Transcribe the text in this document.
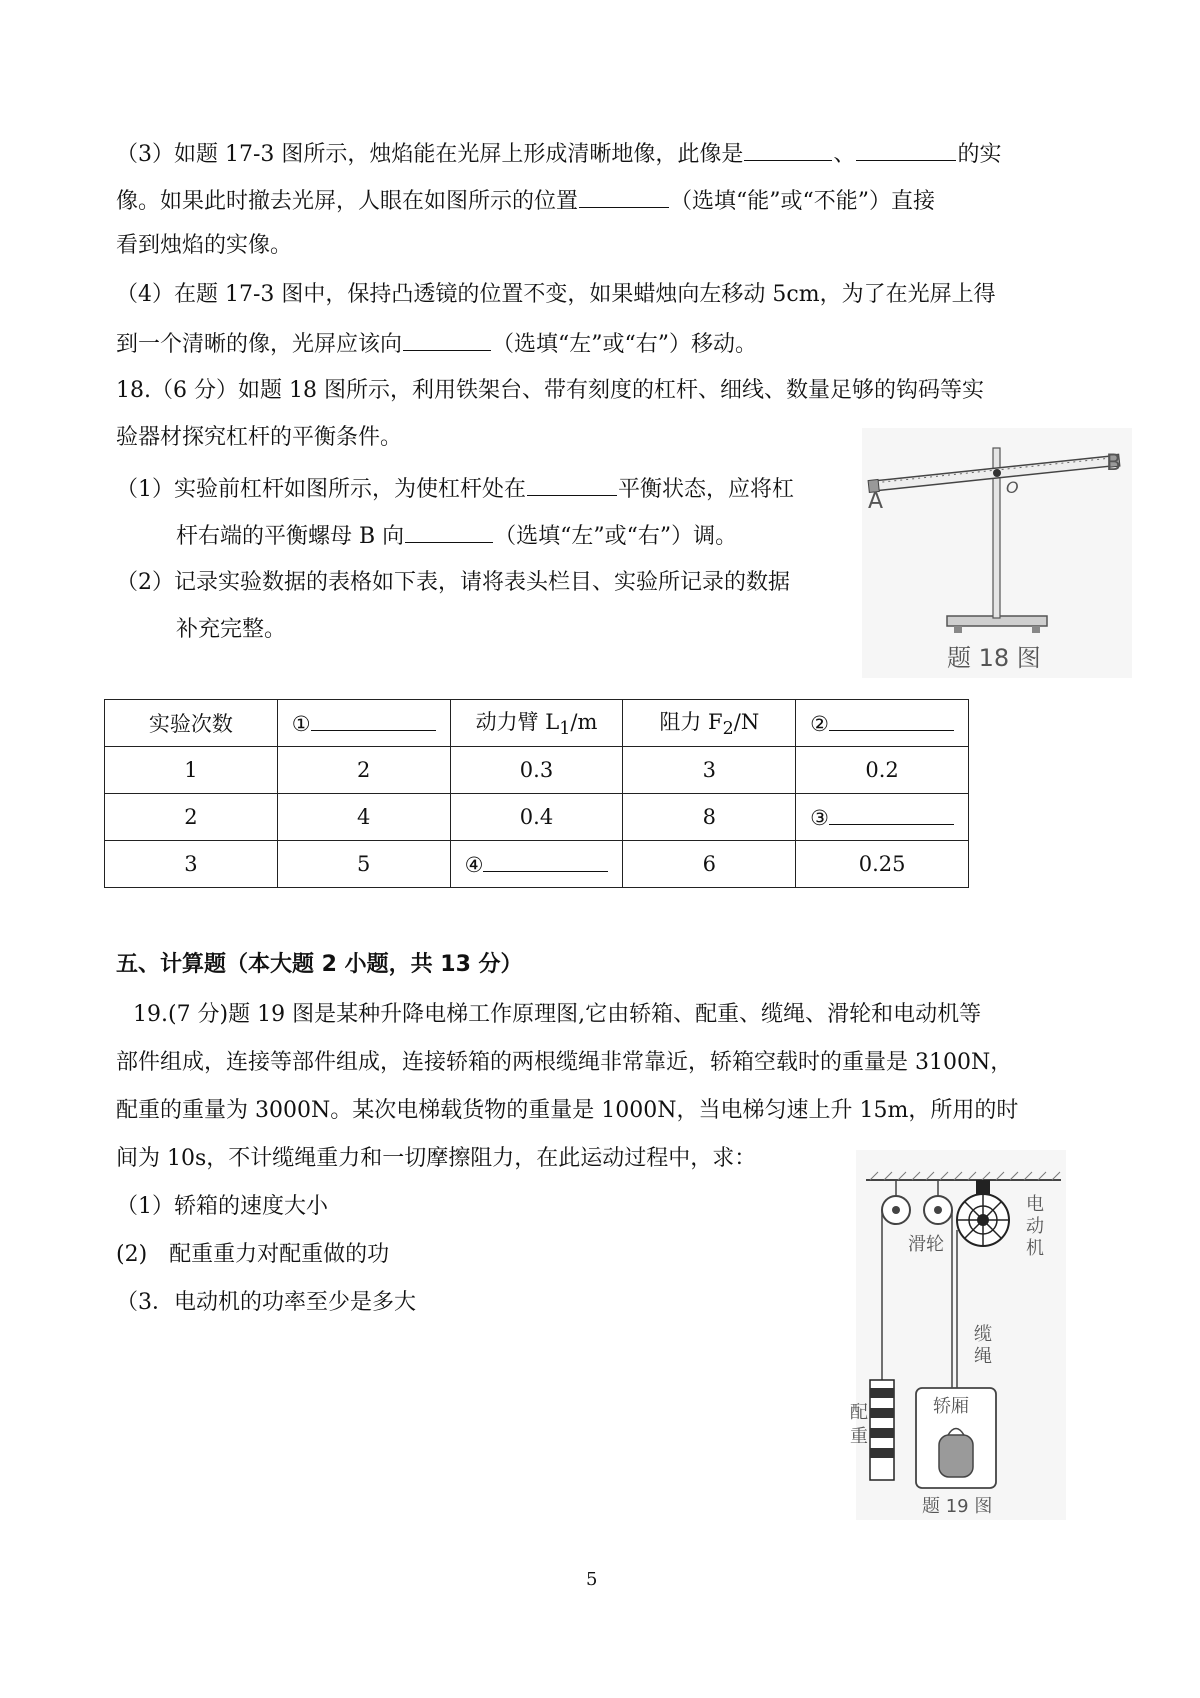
（3）如题 17-3 图所示，烛焰能在光屏上形成清晰地像，此像是	、	的实
像。如果此时撤去光屏，人眼在如图所示的位置	（选填“能”或“不能”）直接
看到烛焰的实像。
（4）在题 17-3 图中，保持凸透镜的位置不变，如果蜡烛向左移动 5cm，为了在光屏上得
到一个清晰的像，光屏应该向	（选填“左”或“右”）移动。
18.（6 分）如题 18 图所示，利用铁架台、带有刻度的杠杆、细线、数量足够的钩码等实
验器材探究杠杆的平衡条件。
（1）实验前杠杆如图所示，为使杠杆处在	平衡状态，应将杠
杆右端的平衡螺母 B 向	（选填“左”或“右”）调。
（2）记录实验数据的表格如下表，请将表头栏目、实验所记录的数据
补充完整。
A
B
O
题 18 图
实验次数	①	动力臂 $L_1/m$	阻力 $F_2/N$	②
1	2	0.3	3	0.2
2	4	0.4	8	③
3	5	④	6	0.25
五、计算题（本大题 2 小题，共 13 分）
19.(7 分)题 19 图是某种升降电梯工作原理图,它由轿箱、配重、缆绳、滑轮和电动机等
部件组成，连接等部件组成，连接轿箱的两根缆绳非常靠近，轿箱空载时的重量是 3100N，
配重的重量为 3000N。某次电梯载货物的重量是 1000N，当电梯匀速上升 15m，所用的时
间为 10s，不计缆绳重力和一切摩擦阻力，在此运动过程中，求：
（1）轿箱的速度大小
(2)　配重重力对配重做的功
（3．电动机的功率至少是多大
滑轮
电
动
机
缆
绳
配
重
轿厢
题 19 图
5
